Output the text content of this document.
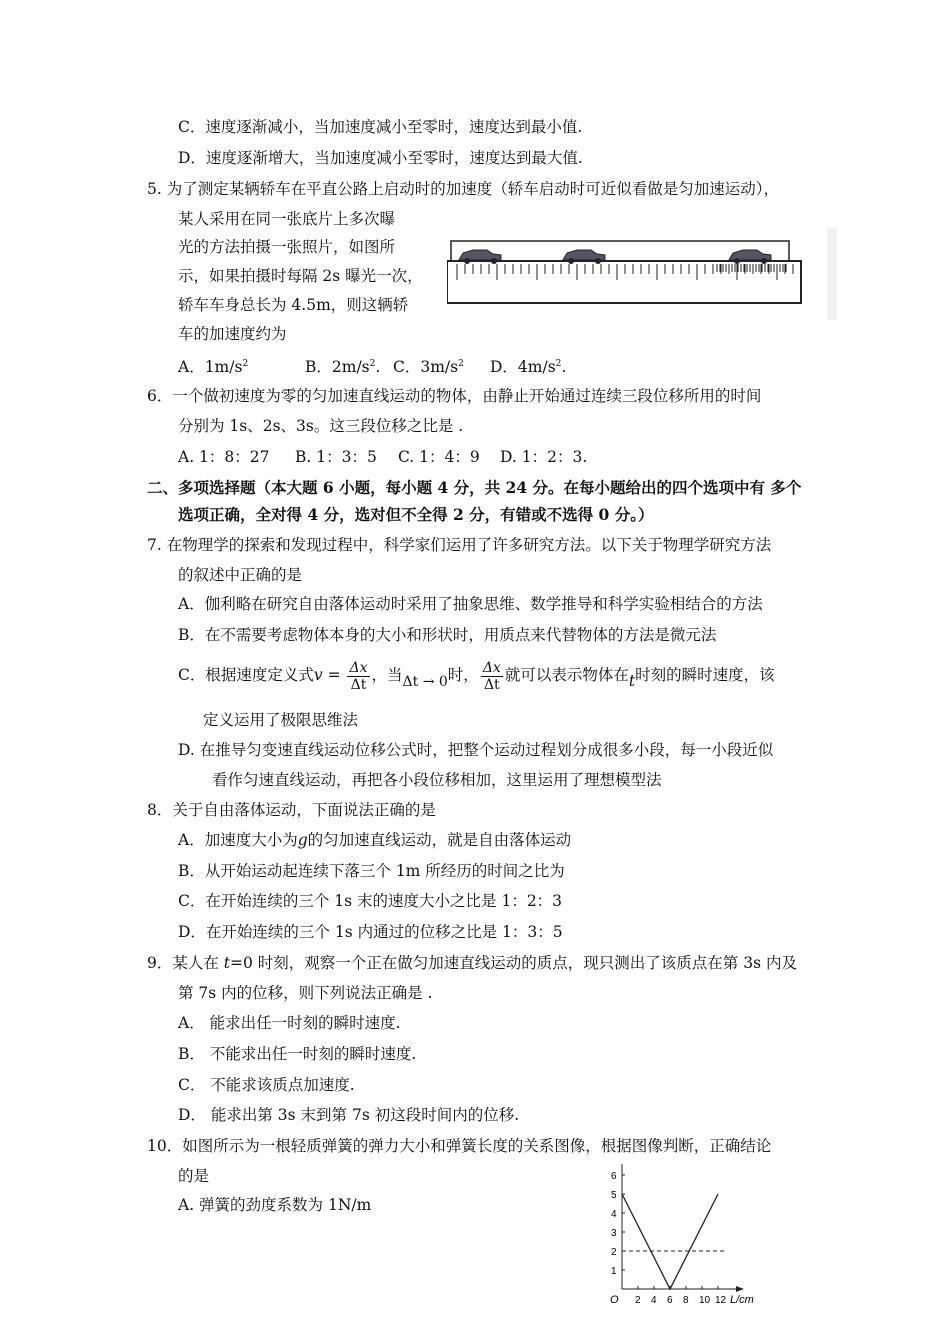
C．速度逐渐减小，当加速度减小至零时，速度达到最小值.
D．速度逐渐增大，当加速度减小至零时，速度达到最大值.
5. 为了测定某辆轿车在平直公路上启动时的加速度（轿车启动时可近似看做是匀加速运动），
某人采用在同一张底片上多次曝
光的方法拍摄一张照片，如图所
示，如果拍摄时每隔 2s 曝光一次，
轿车车身总长为 4.5m，则这辆轿
车的加速度约为
A．$1m/s^2$	B．$2m/s^2$. C．$3m/s^2$ D．$4m/s^2$.
6．一个做初速度为零的匀加速直线运动的物体，由静止开始通过连续三段位移所用的时间
分别为 1s、2s、3s。这三段位移之比是 .
A. 1：8：27 B. 1：3：5 C. 1：4：9 D. 1：2：3.
二、多项选择题（本大题 6 小题，每小题 4 分，共 24 分。在每小题给出的四个选项中有 多个
选项正确，全对得 4 分，选对但不全得 2 分，有错或不选得 0 分。）
7. 在物理学的探索和发现过程中，科学家们运用了许多研究方法。以下关于物理学研究方法
的叙述中正确的是
A．伽利略在研究自由落体运动时采用了抽象思维、数学推导和科学实验相结合的方法
B．在不需要考虑物体本身的大小和形状时，用质点来代替物体的方法是微元法
C．根据速度定义式$v = \frac{\Delta x}{\Delta t}$ ，当Δt → 0时， $\frac{\Delta x}{\Delta t}$ 就可以表示物体在t时刻的瞬时速度，该
定义运用了极限思维法
D. 在推导匀变速直线运动位移公式时，把整个运动过程划分成很多小段，每一小段近似
看作匀速直线运动，再把各小段位移相加，这里运用了理想模型法
8．关于自由落体运动，下面说法正确的是
A．加速度大小为g的匀加速直线运动，就是自由落体运动
B．从开始运动起连续下落三个 1m 所经历的时间之比为
C．在开始连续的三个 1s 末的速度大小之比是 1：2：3
D．在开始连续的三个 1s 内通过的位移之比是 1：3：5
9．某人在 t=0 时刻，观察一个正在做匀加速直线运动的质点，现只测出了该质点在第 3s 内及
第 7s 内的位移，则下列说法正确是 .
A． 能求出任一时刻的瞬时速度.
B． 不能求出任一时刻的瞬时速度.
C． 不能求该质点加速度.
D． 能求出第 3s 末到第 7s 初这段时间内的位移.
10．如图所示为一根轻质弹簧的弹力大小和弹簧长度的关系图像，根据图像判断，正确结论
的是
A. 弹簧的劲度系数为 1N/m
L/cm
O 2 4 6 8 10 12
1
2
3
4
5
6
